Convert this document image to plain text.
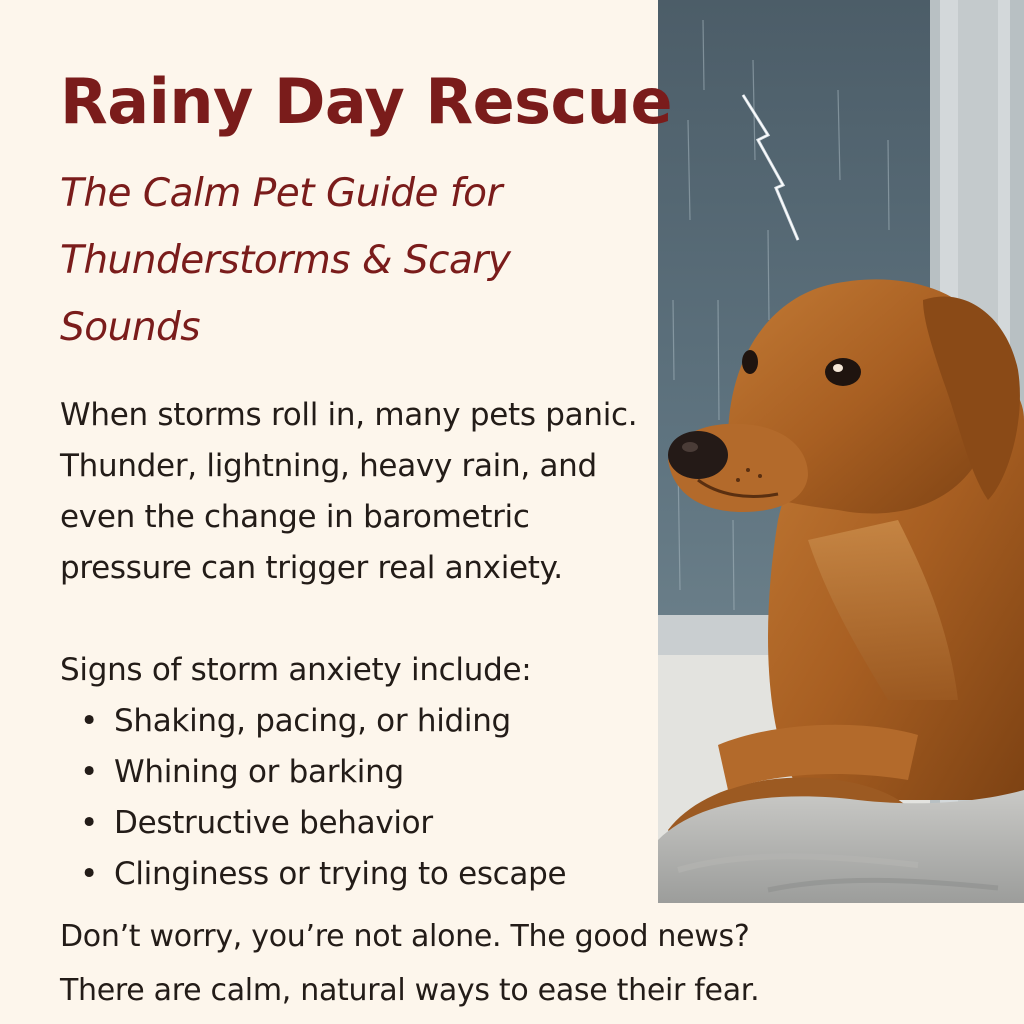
Rainy Day Rescue
The Calm Pet Guide for Thunderstorms & Scary Sounds

When storms roll in, many pets panic. Thunder, lightning, heavy rain, and even the change in barometric pressure can trigger real anxiety.

Signs of storm anxiety include:

• Shaking, pacing, or hiding
• Whining or barking
• Destructive behavior
• Clinginess or trying to escape

Don’t worry, you’re not alone. The good news?
There are calm, natural ways to ease their fear.
